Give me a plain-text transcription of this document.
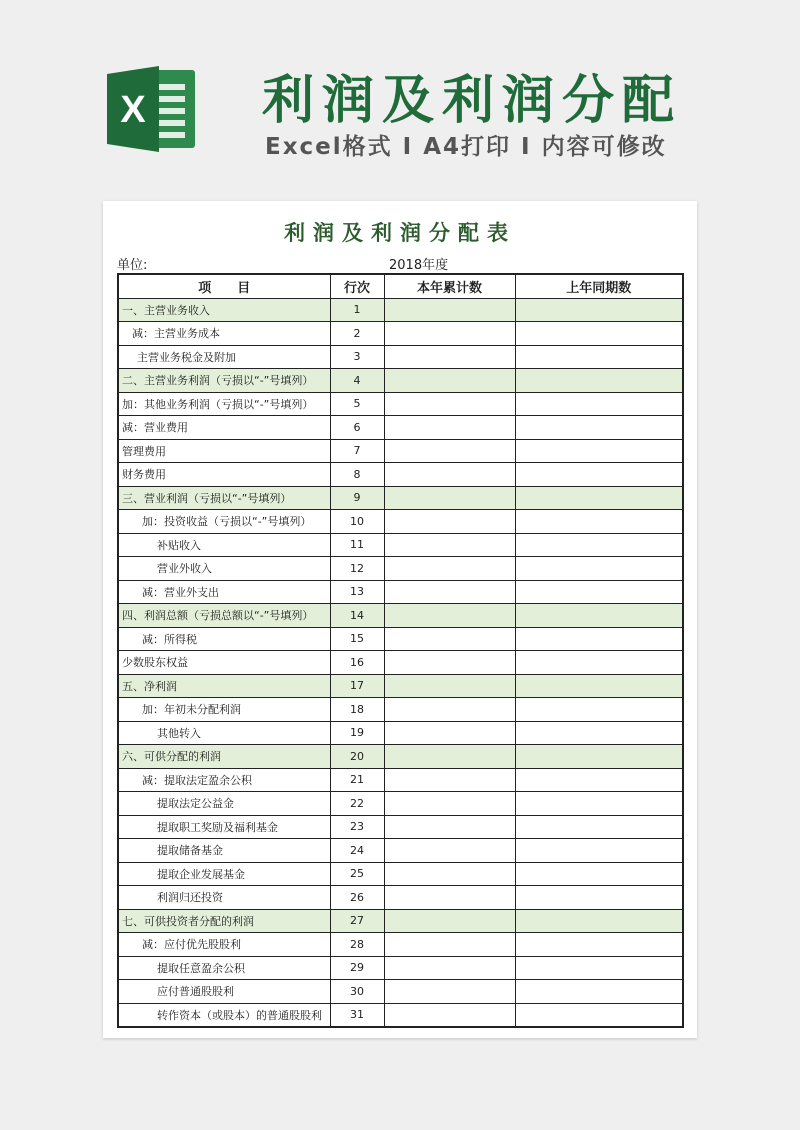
X 利润及利润分配
Excel格式 I A4打印 I 内容可修改
利润及利润分配表
单位:	2018年度
项　　目	行次	本年累计数	上年同期数
一、主营业务收入	1		
减：主营业务成本	2		
主营业务税金及附加	3		
二、主营业务利润（亏损以“-”号填列）	4		
加：其他业务利润（亏损以“-”号填列）	5		
减：营业费用	6		
管理费用	7		
财务费用	8		
三、营业利润（亏损以“-”号填列）	9		
加：投资收益（亏损以“-”号填列）	10		
补贴收入	11		
营业外收入	12		
减：营业外支出	13		
四、利润总额（亏损总额以“-”号填列）	14		
减：所得税	15		
少数股东权益	16		
五、净利润	17		
加：年初未分配利润	18		
其他转入	19		
六、可供分配的利润	20		
减：提取法定盈余公积	21		
提取法定公益金	22		
提取职工奖励及福利基金	23		
提取储备基金	24		
提取企业发展基金	25		
利润归还投资	26		
七、可供投资者分配的利润	27		
减：应付优先股股利	28		
提取任意盈余公积	29		
应付普通股股利	30		
转作资本（或股本）的普通股股利	31		
